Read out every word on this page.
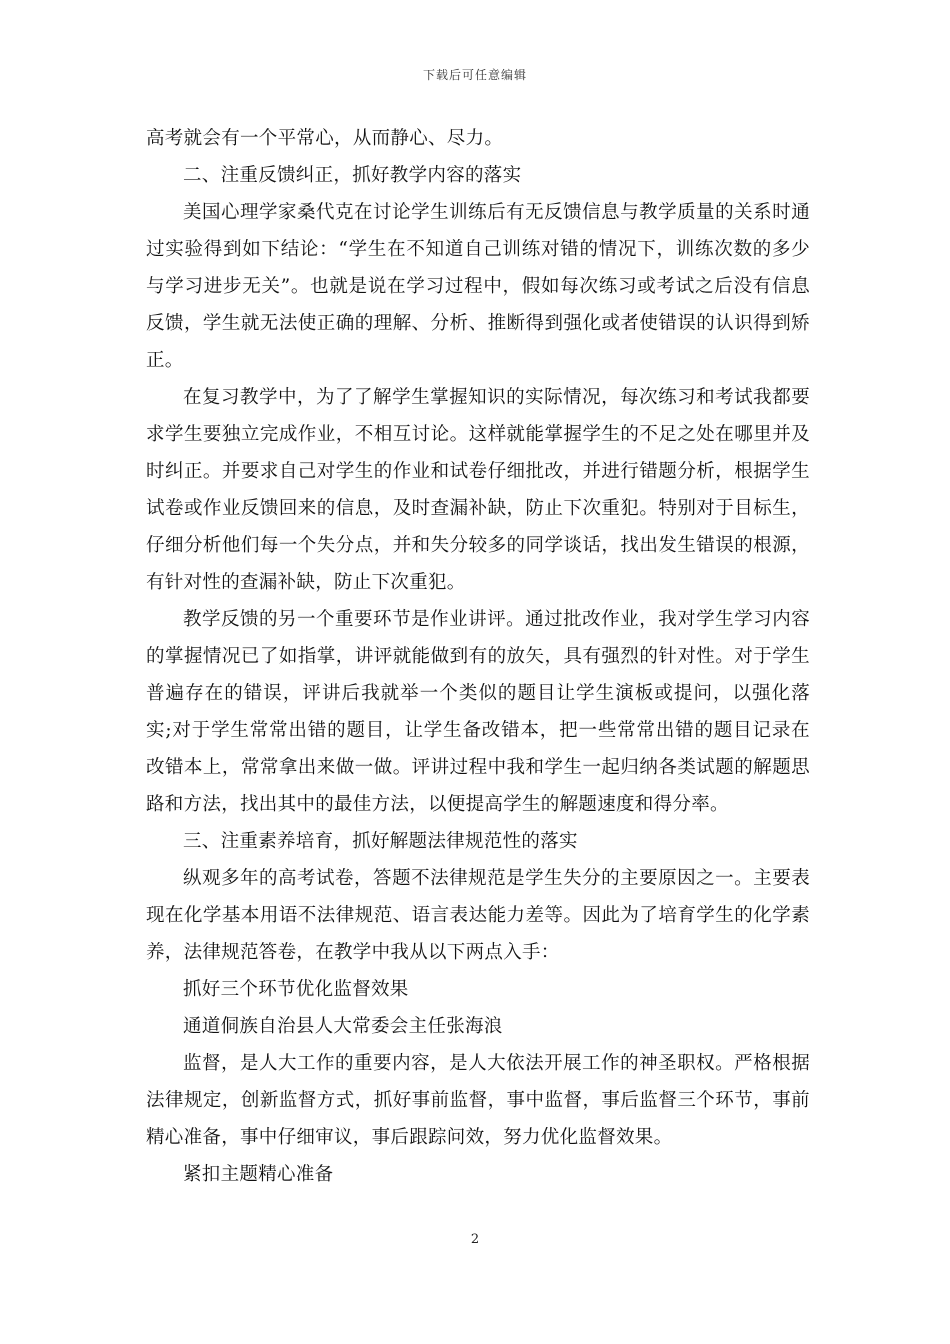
下载后可任意编辑

高考就会有一个平常心，从而静心、尽力。

二、注重反馈纠正，抓好教学内容的落实

美国心理学家桑代克在讨论学生训练后有无反馈信息与教学质量的关系时通过实验得到如下结论：“学生在不知道自己训练对错的情况下，训练次数的多少与学习进步无关”。也就是说在学习过程中，假如每次练习或考试之后没有信息反馈，学生就无法使正确的理解、分析、推断得到强化或者使错误的认识得到矫正。

在复习教学中，为了了解学生掌握知识的实际情况，每次练习和考试我都要求学生要独立完成作业，不相互讨论。这样就能掌握学生的不足之处在哪里并及时纠正。并要求自己对学生的作业和试卷仔细批改，并进行错题分析，根据学生试卷或作业反馈回来的信息，及时查漏补缺，防止下次重犯。特别对于目标生，仔细分析他们每一个失分点，并和失分较多的同学谈话，找出发生错误的根源，有针对性的查漏补缺，防止下次重犯。

教学反馈的另一个重要环节是作业讲评。通过批改作业，我对学生学习内容的掌握情况已了如指掌，讲评就能做到有的放矢，具有强烈的针对性。对于学生普遍存在的错误，评讲后我就举一个类似的题目让学生演板或提问，以强化落实;对于学生常常出错的题目，让学生备改错本，把一些常常出错的题目记录在改错本上，常常拿出来做一做。评讲过程中我和学生一起归纳各类试题的解题思路和方法，找出其中的最佳方法，以便提高学生的解题速度和得分率。

三、注重素养培育，抓好解题法律规范性的落实

纵观多年的高考试卷，答题不法律规范是学生失分的主要原因之一。主要表现在化学基本用语不法律规范、语言表达能力差等。因此为了培育学生的化学素养，法律规范答卷，在教学中我从以下两点入手：

抓好三个环节优化监督效果

通道侗族自治县人大常委会主任张海浪

监督，是人大工作的重要内容，是人大依法开展工作的神圣职权。严格根据法律规定，创新监督方式，抓好事前监督，事中监督，事后监督三个环节，事前精心准备，事中仔细审议，事后跟踪问效，努力优化监督效果。

紧扣主题精心准备

2
